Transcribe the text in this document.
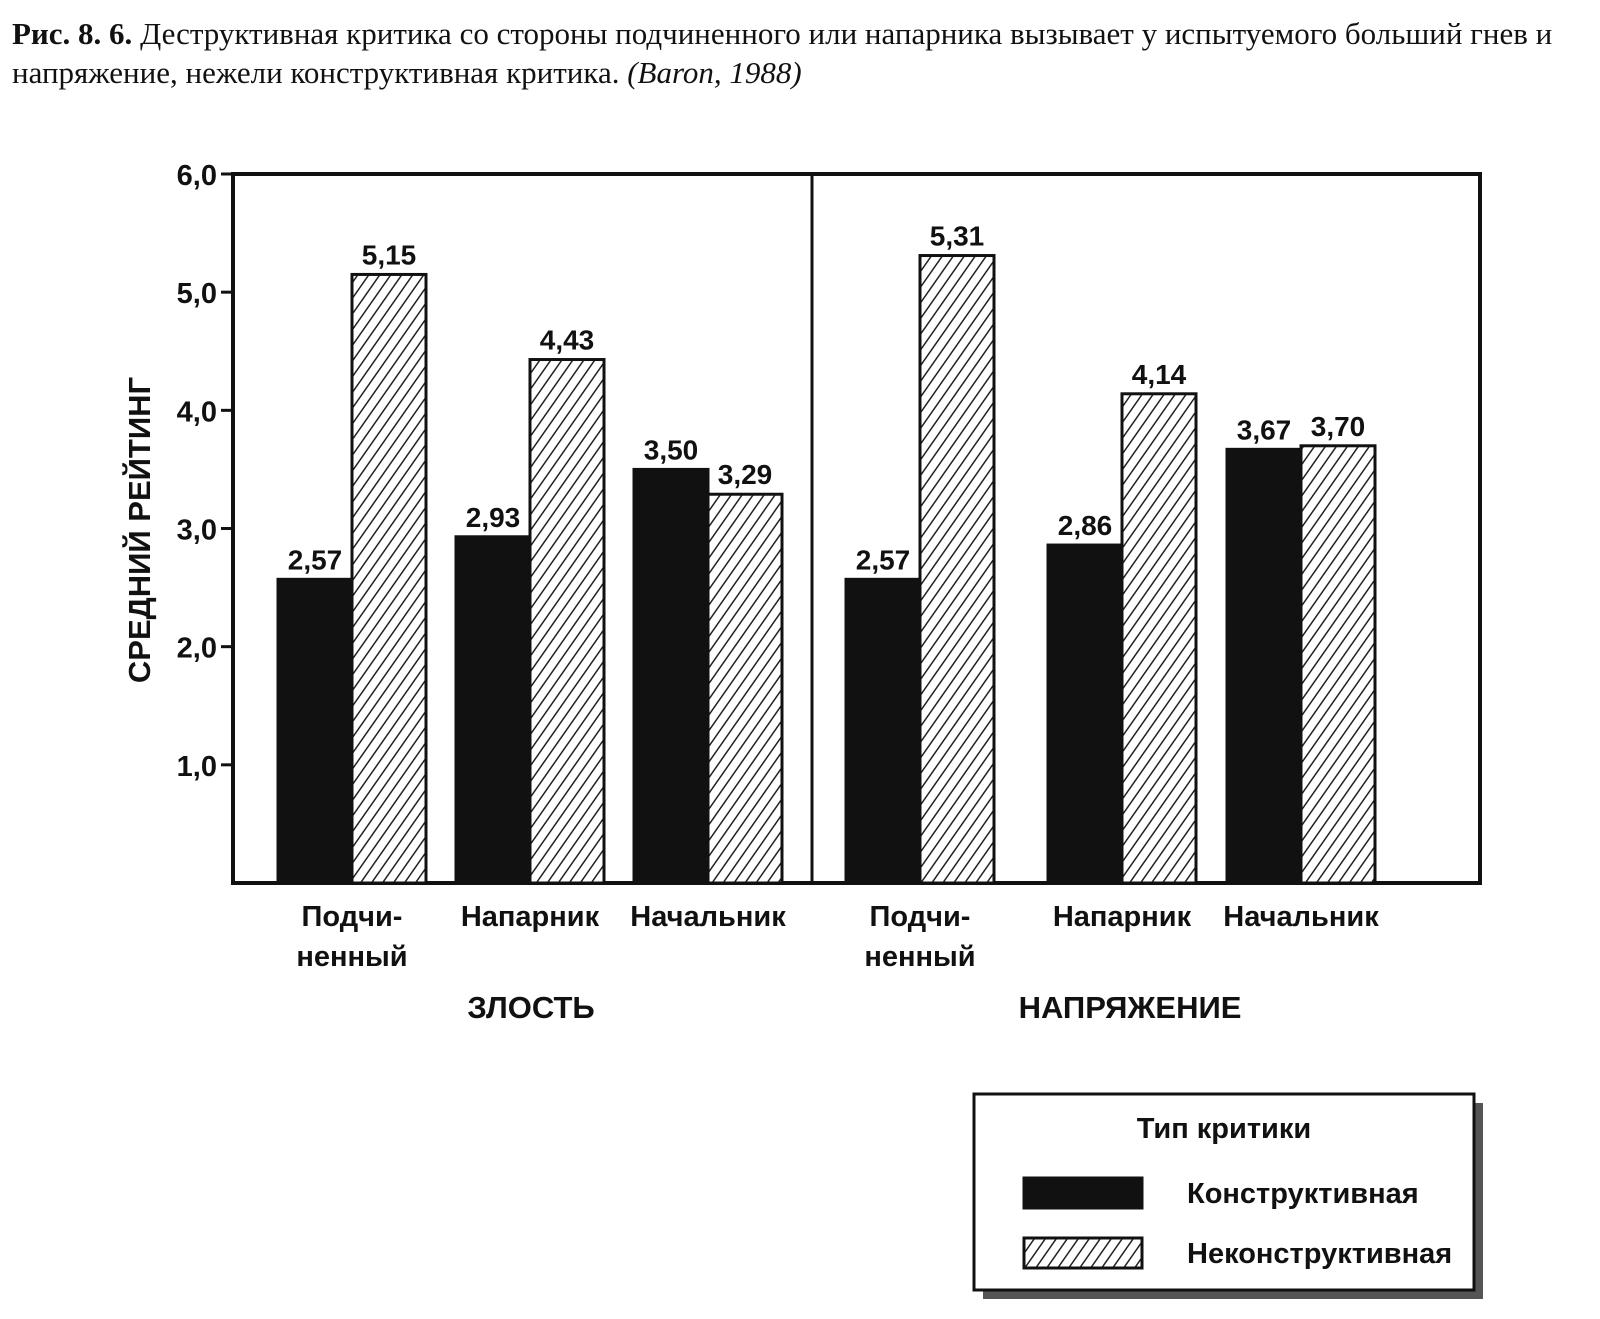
Рис. 8. 6. Деструктивная критика со стороны подчиненного или напарника вызывает у испытуемого больший гнев и напряжение, нежели конструктивная критика. (Baron, 1988)
1,0
2,0
3,0
4,0
5,0
6,0
СРЕДНИЙ РЕЙТИНГ	2,57
5,15
Подчи-
ненный
2,93
4,43
Напарник
3,50
3,29
Начальник
ЗЛОСТЬ
2,57
5,31
Подчи-
ненный
2,86
4,14
Напарник
3,67 3,70
Начальник
НАПРЯЖЕНИЕ
Тип критики
Конструктивная
Неконструктивная
